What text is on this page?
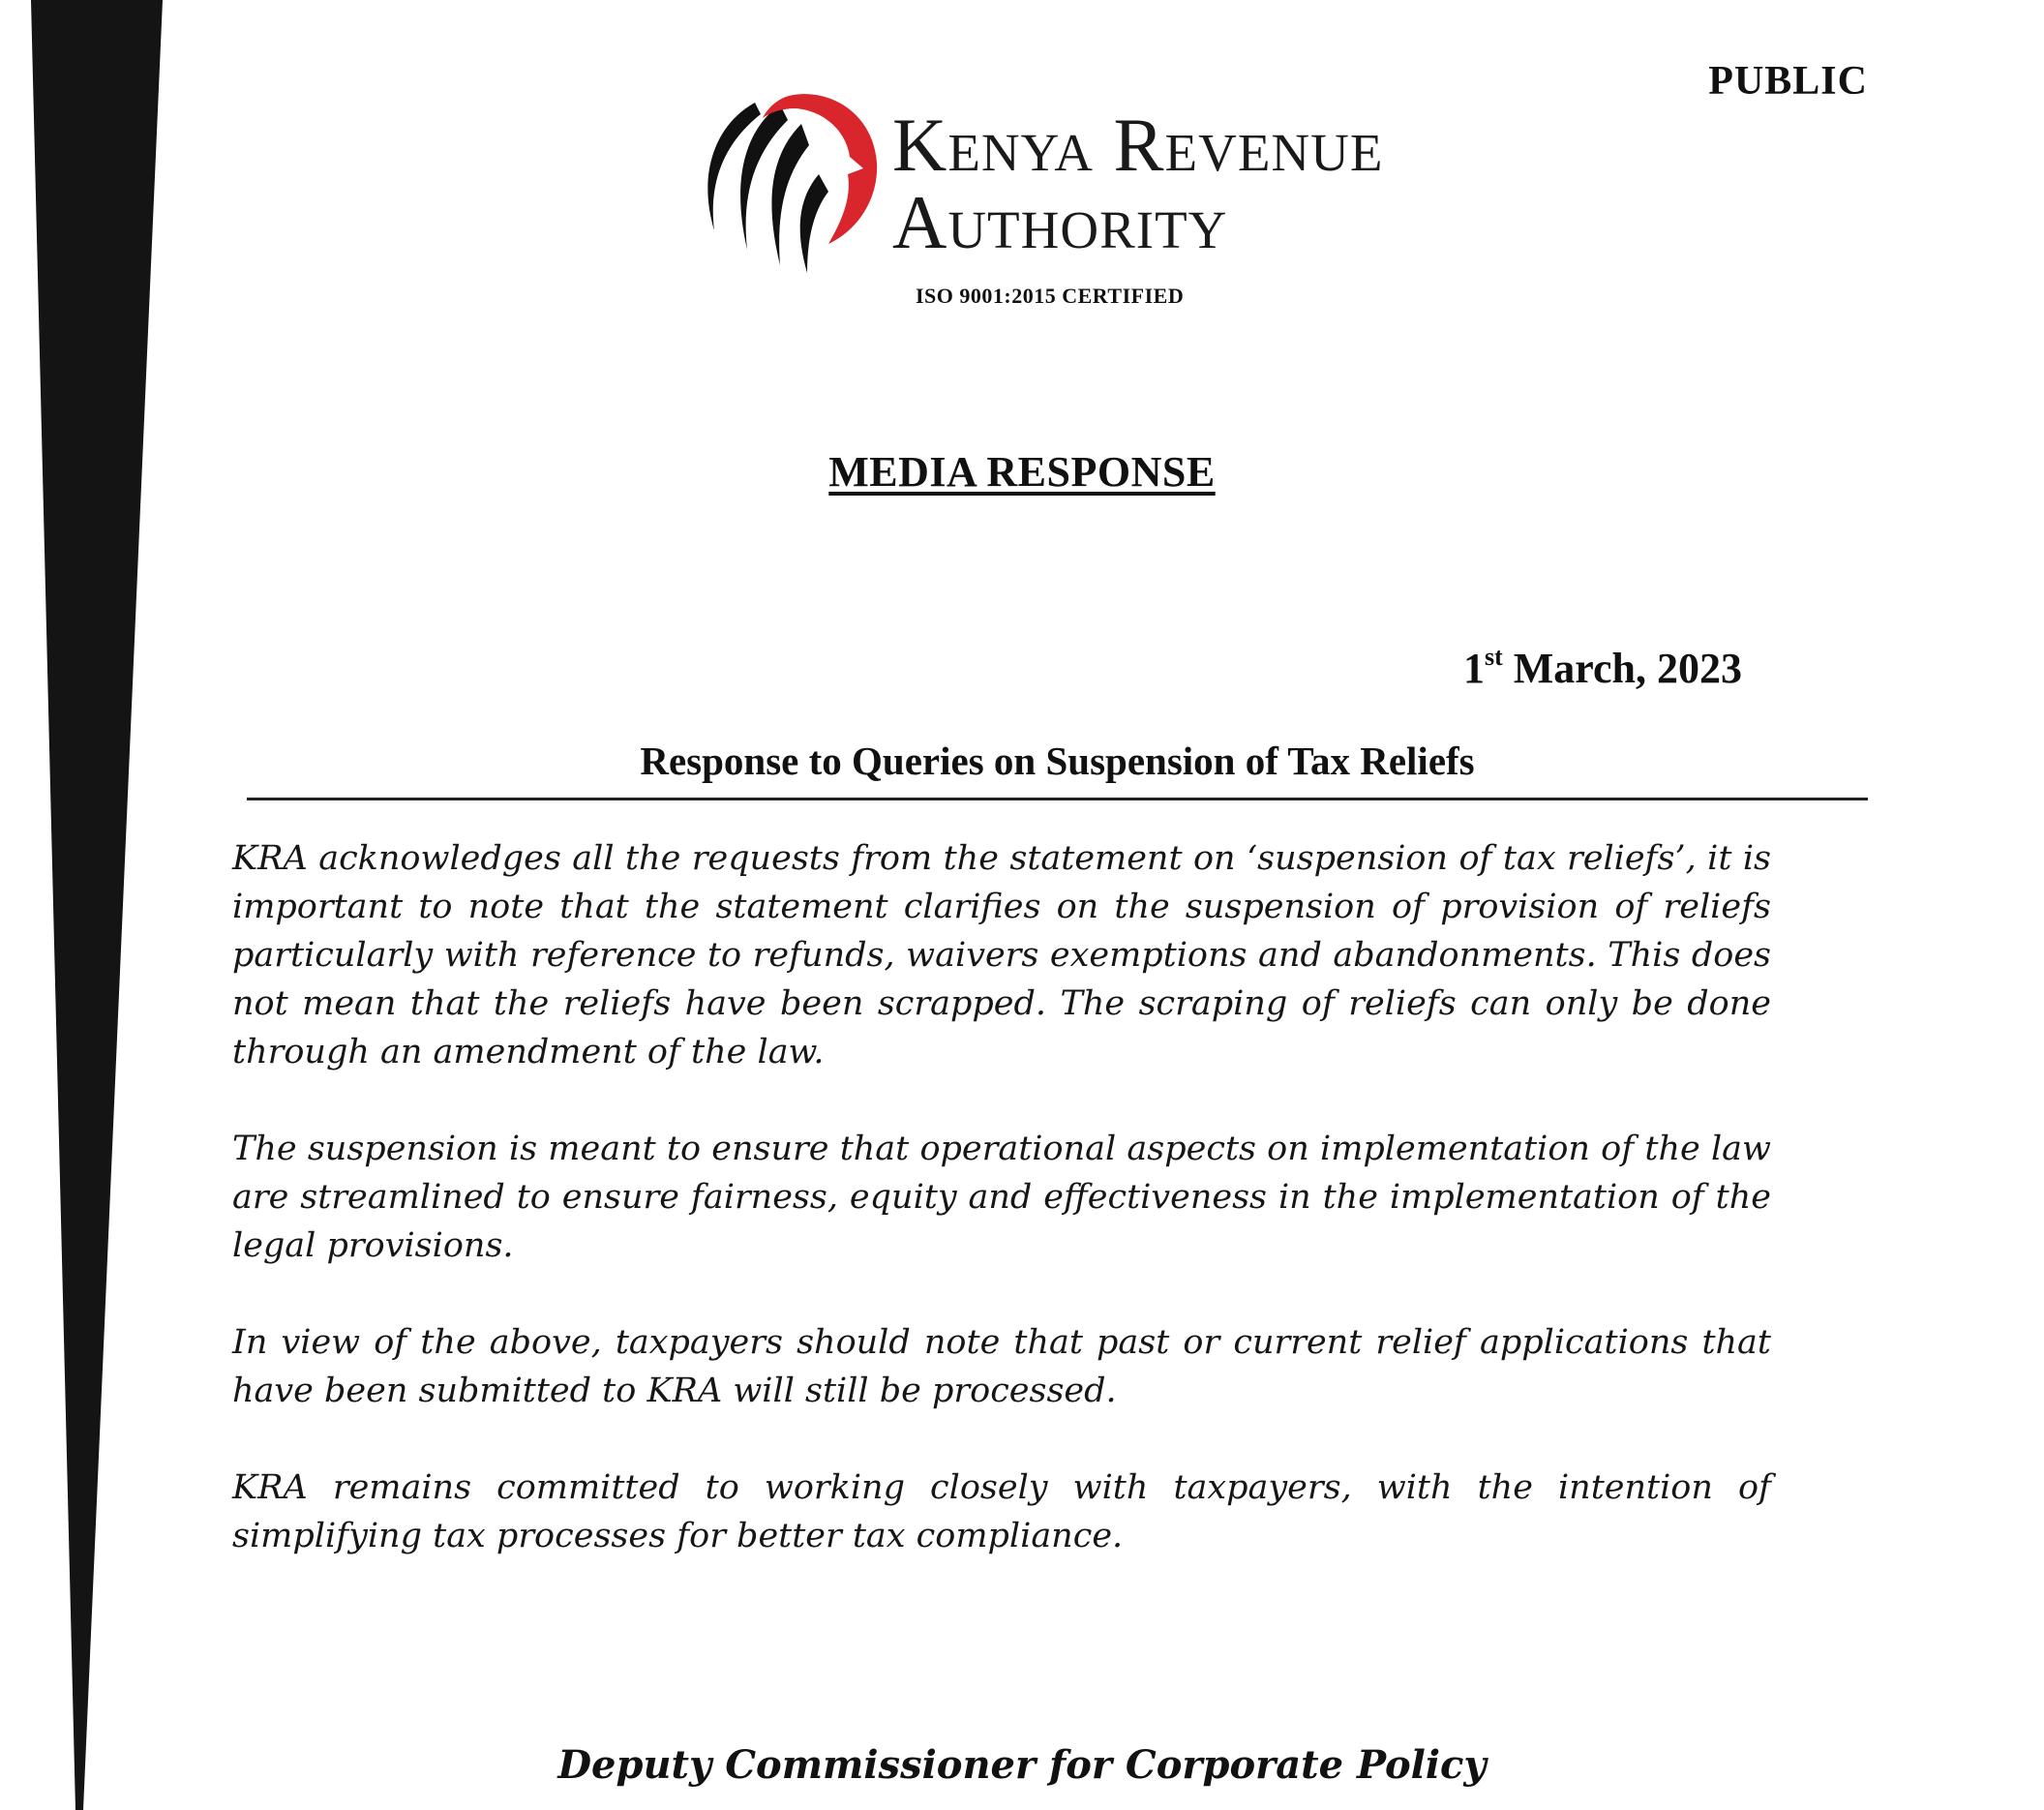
PUBLIC
Kenya Revenue
Authority
ISO 9001:2015 CERTIFIED
MEDIA RESPONSE
1st March, 2023
Response to Queries on Suspension of Tax Reliefs

KRA acknowledges all the requests from the statement on ‘suspension of tax reliefs’, it is important to note that the statement clarifies on the suspension of provision of reliefs particularly with reference to refunds, waivers exemptions and abandonments. This does not mean that the reliefs have been scrapped. The scraping of reliefs can only be done through an amendment of the law.

The suspension is meant to ensure that operational aspects on implementation of the law are streamlined to ensure fairness, equity and effectiveness in the implementation of the legal provisions.

In view of the above, taxpayers should note that past or current relief applications that have been submitted to KRA will still be processed.

KRA remains committed to working closely with taxpayers, with the intention of simplifying tax processes for better tax compliance.

Deputy Commissioner for Corporate Policy
